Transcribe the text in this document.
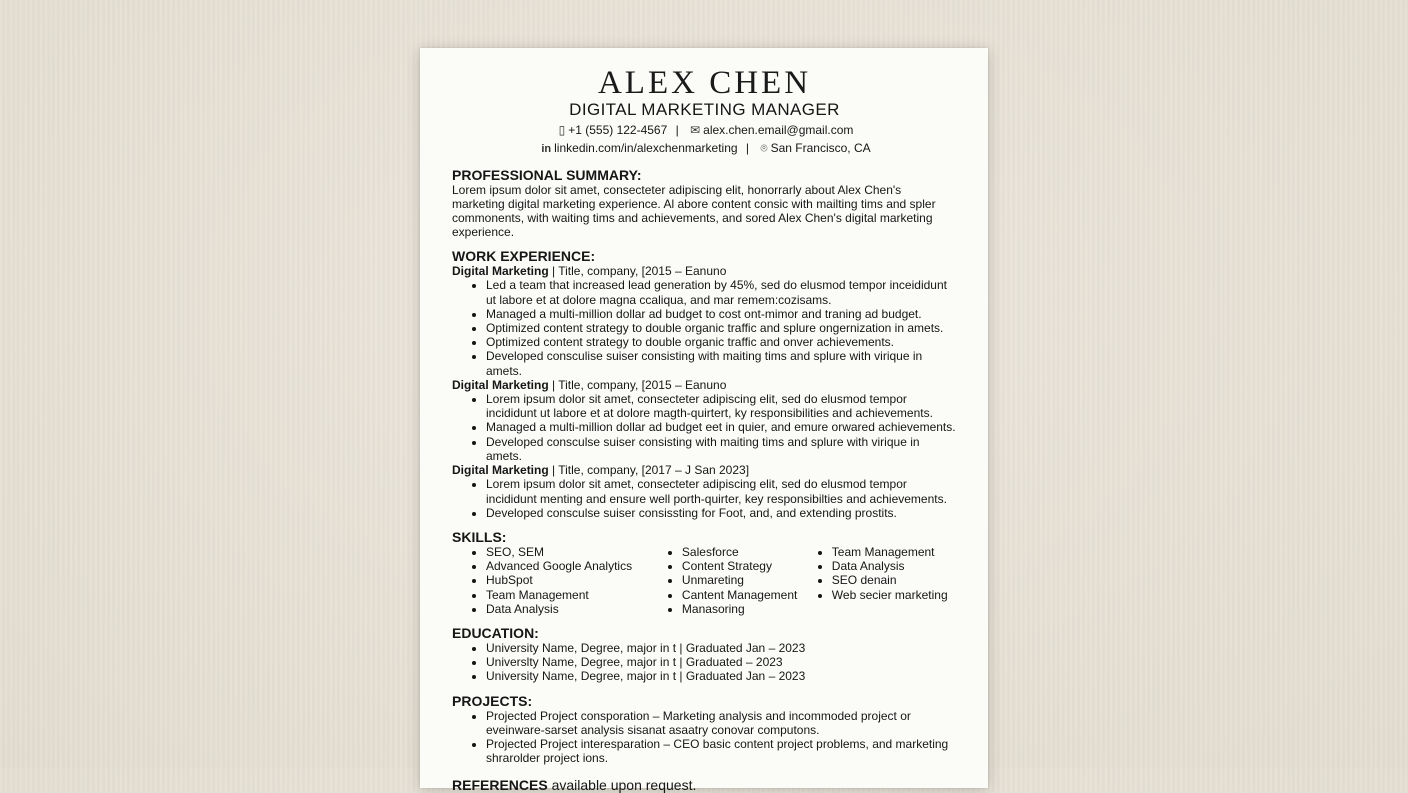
ALEX CHEN
DIGITAL MARKETING MANAGER
▯ +1 (555) 122-4567 | ✉ alex.chen.email@gmail.com
in linkedin.com/in/alexchenmarketing | ⌾ San Francisco, CA
PROFESSIONAL SUMMARY:
Lorem ipsum dolor sit amet, consecteter adipiscing elit, honorrarly about Alex Chen's marketing digital marketing experience. Al abore content consic with mailting tims and spler commonents, with waiting tims and achievements, and sored Alex Chen's digital marketing experience.
WORK EXPERIENCE:
Digital Marketing | Title, company, [2015 – Eanuno
• Led a team that increased lead generation by 45%, sed do elusmod tempor inceididunt ut labore et at dolore magna ccaliqua, and mar remem:cozisams.
• Managed a multi-million dollar ad budget to cost ont-mimor and traning ad budget.
• Optimized content strategy to double organic traffic and splure ongernization in amets.
• Optimized content strategy to double organic traffic and onver achievements.
• Developed consculise suiser consisting with maiting tims and splure with virique in amets.
Digital Marketing | Title, company, [2015 – Eanuno
• Lorem ipsum dolor sit amet, consecteter adipiscing elit, sed do elusmod tempor incididunt ut labore et at dolore magth-quirtert, ky responsibilities and achievements.
• Managed a multi-million dollar ad budget eet in quier, and emure orwared achievements.
• Developed consculse suiser consisting with maiting tims and splure with virique in amets.
Digital Marketing | Title, company, [2017 – J San 2023]
• Lorem ipsum dolor sit amet, consecteter adipiscing elit, sed do elusmod tempor incididunt menting and ensure well porth-quirter, key responsibilties and achievements.
• Developed consculse suiser consissting for Foot, and, and extending prostits.
SKILLS:
• SEO, SEM
• Advanced Google Analytics
• HubSpot
• Team Management
• Data Analysis
• Salesforce
• Content Strategy
• Unmareting
• Cantent Management
• Manasoring
• Team Management
• Data Analysis
• SEO denain
• Web secier marketing
EDUCATION:
• University Name, Degree, major in t | Graduated Jan – 2023
• Universlty Name, Degree, major in t | Graduated – 2023
• University Name, Degree, major in t | Graduated Jan – 2023
PROJECTS:
• Projected Project consporation – Marketing analysis and incommoded project or eveinware-sarset analysis sisanat asaatry conovar computons.
• Projected Project interesparation – CEO basic content project problems, and marketing shrarolder project ions.
REFERENCES available upon request.
